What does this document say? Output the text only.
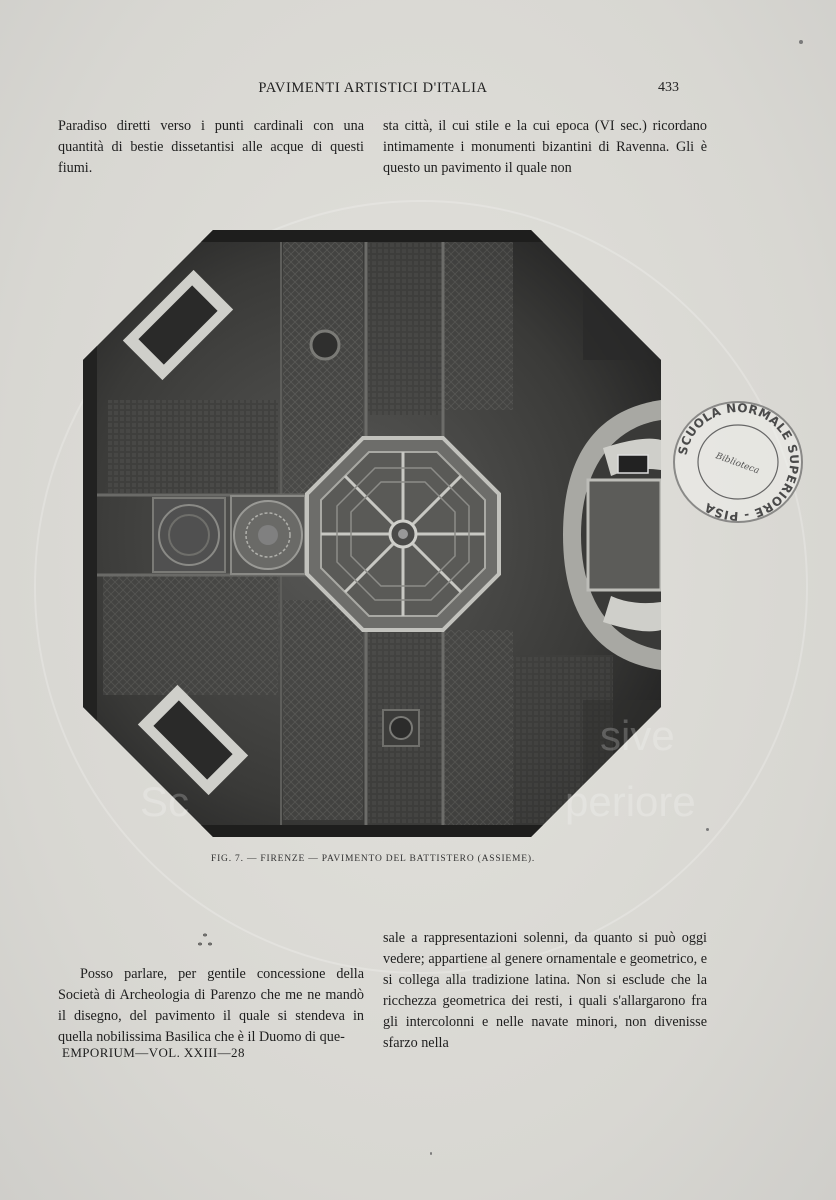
PAVIMENTI ARTISTICI D'ITALIA	433
Paradiso diretti verso i punti cardinali con una quantità di bestie dissetantisi alle acque di questi fiumi.
sta città, il cui stile e la cui epoca (VI sec.) ricordano intimamente i monumenti bizantini di Ravenna. Gli è questo un pavimento il quale non
FIG. 7. — FIRENZE — PAVIMENTO DEL BATTISTERO (ASSIEME).
*
*  *
Posso parlare, per gentile concessione della Società di Archeologia di Parenzo che me ne mandò il disegno, del pavimento il quale si stendeva in quella nobilissima Basilica che è il Duomo di que-
sale a rappresentazioni solenni, da quanto si può oggi vedere; appartiene al genere ornamentale e geometrico, e si collega alla tradizione latina. Non si esclude che la ricchezza geometrica dei resti, i quali s'allargarono fra gli intercolonni e nelle navate minori, non divenisse sfarzo nella
EMPORIUM—VOL. XXIII—28
SCUOLA NORMALE SUPERIORE - PISA
Biblioteca
sive
Sc	periore
